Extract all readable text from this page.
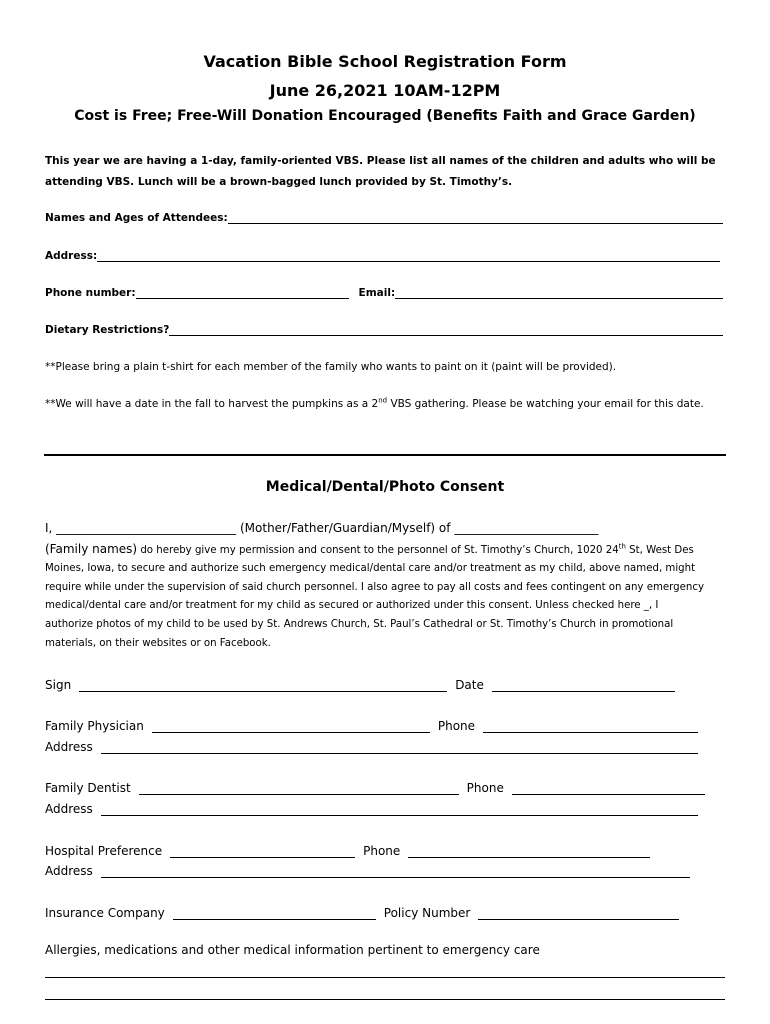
Vacation Bible School Registration Form
June 26,2021 10AM-12PM
Cost is Free; Free-Will Donation Encouraged (Benefits Faith and Grace Garden)
This year we are having a 1-day, family-oriented VBS. Please list all names of the children and adults who will be
attending VBS. Lunch will be a brown-bagged lunch provided by St. Timothy’s.
Names and Ages of Attendees:
Address:
Phone number:	Email:
Dietary Restrictions?
**Please bring a plain t-shirt for each member of the family who wants to paint on it (paint will be provided).
**We will have a date in the fall to harvest the pumpkins as a 2nd VBS gathering. Please be watching your email for this date.
Medical/Dental/Photo Consent
I, ______________________________ (Mother/Father/Guardian/Myself) of ________________________
(Family names) do hereby give my permission and consent to the personnel of St. Timothy’s Church, 1020 24th St, West Des
Moines, Iowa, to secure and authorize such emergency medical/dental care and/or treatment as my child, above named, might
require while under the supervision of said church personnel. I also agree to pay all costs and fees contingent on any emergency
medical/dental care and/or treatment for my child as secured or authorized under this consent. Unless checked here _, I
authorize photos of my child to be used by St. Andrews Church, St. Paul’s Cathedral or St. Timothy’s Church in promotional
materials, on their websites or on Facebook.
Sign	Date
Family Physician	Phone
Address
Family Dentist	Phone
Address
Hospital Preference	Phone
Address
Insurance Company	Policy Number
Allergies, medications and other medical information pertinent to emergency care
